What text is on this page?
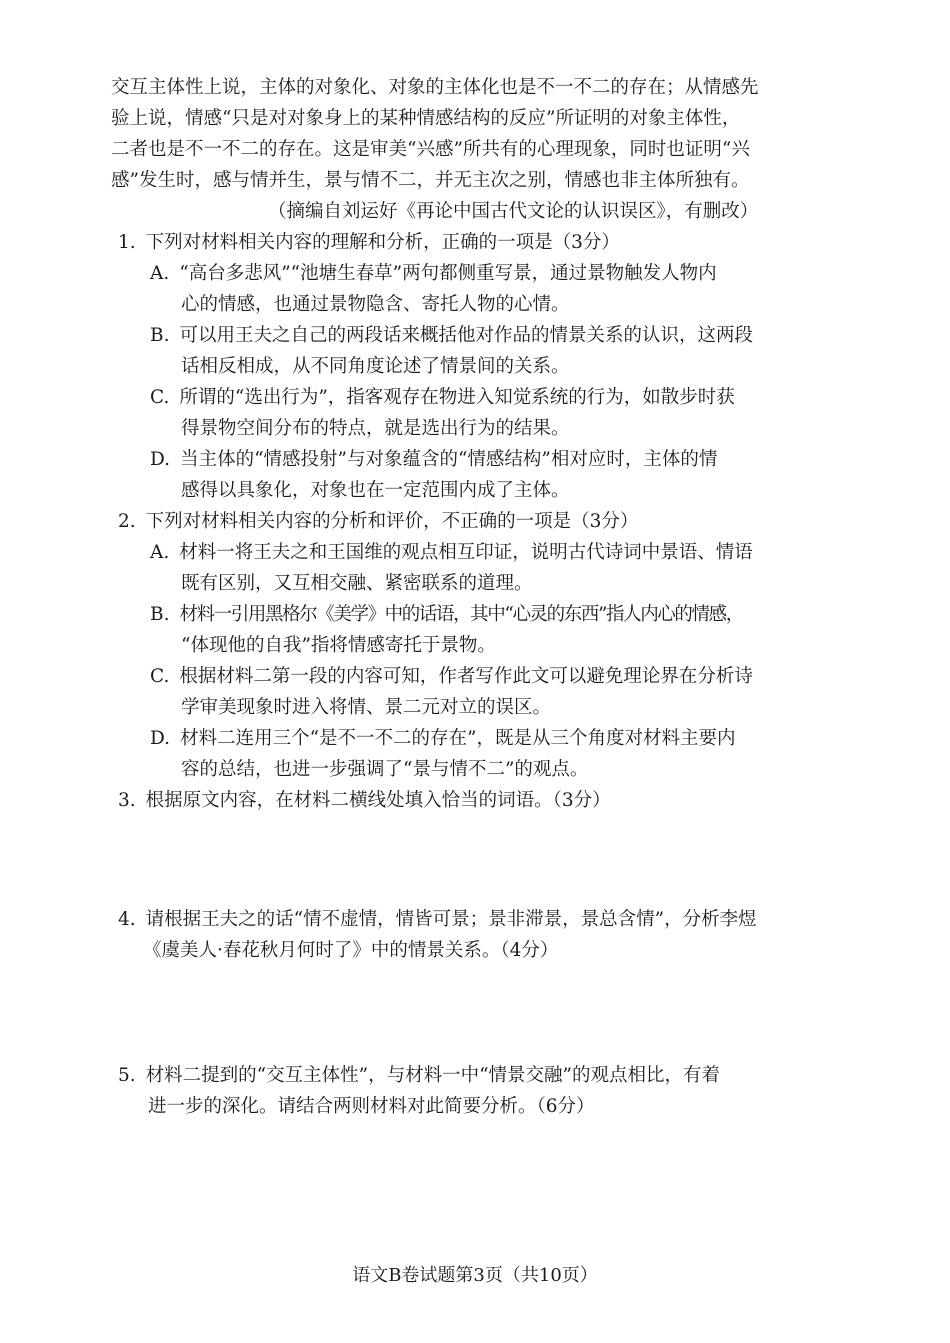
交互主体性上说，主体的对象化、对象的主体化也是不一不二的存在；从情感先
验上说，情感“只是对对象身上的某种情感结构的反应”所证明的对象主体性，
二者也是不一不二的存在。这是审美“兴感”所共有的心理现象，同时也证明“兴
感”发生时，感与情并生，景与情不二，并无主次之别，情感也非主体所独有。
（摘编自刘运好《再论中国古代文论的认识误区》，有删改）
1. 下列对材料相关内容的理解和分析，正确的一项是（3分）
A. “高台多悲风”“池塘生春草”两句都侧重写景，通过景物触发人物内
心的情感，也通过景物隐含、寄托人物的心情。
B. 可以用王夫之自己的两段话来概括他对作品的情景关系的认识，这两段
话相反相成，从不同角度论述了情景间的关系。
C. 所谓的“选出行为”，指客观存在物进入知觉系统的行为，如散步时获
得景物空间分布的特点，就是选出行为的结果。
D. 当主体的“情感投射”与对象蕴含的“情感结构”相对应时，主体的情
感得以具象化，对象也在一定范围内成了主体。
2. 下列对材料相关内容的分析和评价，不正确的一项是（3分）
A. 材料一将王夫之和王国维的观点相互印证，说明古代诗词中景语、情语
既有区别，又互相交融、紧密联系的道理。
B. 材料一引用黑格尔《美学》中的话语，其中“心灵的东西”指人内心的情感，
“体现他的自我”指将情感寄托于景物。
C. 根据材料二第一段的内容可知，作者写作此文可以避免理论界在分析诗
学审美现象时进入将情、景二元对立的误区。
D. 材料二连用三个“是不一不二的存在”，既是从三个角度对材料主要内
容的总结，也进一步强调了“景与情不二”的观点。
3. 根据原文内容，在材料二横线处填入恰当的词语。（3分）
4. 请根据王夫之的话“情不虚情，情皆可景；景非滞景，景总含情”，分析李煜
《虞美人·春花秋月何时了》中的情景关系。（4分）
5. 材料二提到的“交互主体性”，与材料一中“情景交融”的观点相比，有着
进一步的深化。请结合两则材料对此简要分析。（6分）
语文B卷试题第3页（共10页）
